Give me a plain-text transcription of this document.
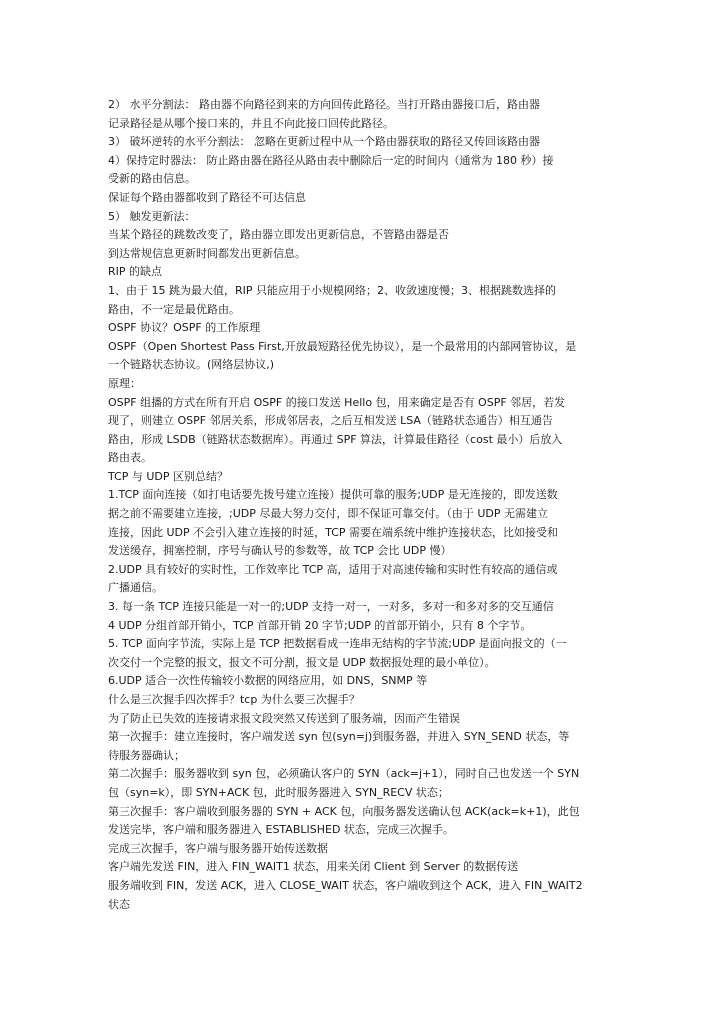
2） 水平分割法： 路由器不向路径到来的方向回传此路径。当打开路由器接口后，路由器
记录路径是从哪个接口来的，并且不向此接口回传此路径。
3） 破坏逆转的水平分割法： 忽略在更新过程中从一个路由器获取的路径又传回该路由器
4）保持定时器法： 防止路由器在路径从路由表中删除后一定的时间内（通常为 180 秒）接
受新的路由信息。
保证每个路由器都收到了路径不可达信息
5） 触发更新法：
当某个路径的跳数改变了，路由器立即发出更新信息，不管路由器是否
到达常规信息更新时间都发出更新信息。
RIP 的缺点
1、由于 15 跳为最大值，RIP 只能应用于小规模网络；2、收敛速度慢；3、根据跳数选择的
路由，不一定是最优路由。
OSPF 协议？OSPF 的工作原理
OSPF（Open Shortest Pass First,开放最短路径优先协议），是一个最常用的内部网管协议，是
一个链路状态协议。(网络层协议,)
原理：
OSPF 组播的方式在所有开启 OSPF 的接口发送 Hello 包，用来确定是否有 OSPF 邻居，若发
现了，则建立 OSPF 邻居关系，形成邻居表，之后互相发送 LSA（链路状态通告）相互通告
路由，形成 LSDB（链路状态数据库）。再通过 SPF 算法，计算最佳路径（cost 最小）后放入
路由表。
TCP 与 UDP 区别总结？
1.TCP 面向连接（如打电话要先拨号建立连接）提供可靠的服务;UDP 是无连接的，即发送数
据之前不需要建立连接，;UDP 尽最大努力交付，即不保证可靠交付。（由于 UDP 无需建立
连接，因此 UDP 不会引入建立连接的时延，TCP 需要在端系统中维护连接状态，比如接受和
发送缓存，拥塞控制，序号与确认号的参数等，故 TCP 会比 UDP 慢）
2.UDP 具有较好的实时性，工作效率比 TCP 高，适用于对高速传输和实时性有较高的通信或
广播通信。
3. 每一条 TCP 连接只能是一对一的;UDP 支持一对一，一对多，多对一和多对多的交互通信
4 UDP 分组首部开销小，TCP 首部开销 20 字节;UDP 的首部开销小，只有 8 个字节。
5. TCP 面向字节流，实际上是 TCP 把数据看成一连串无结构的字节流;UDP 是面向报文的（一
次交付一个完整的报文，报文不可分割，报文是 UDP 数据报处理的最小单位）。
6.UDP 适合一次性传输较小数据的网络应用，如 DNS，SNMP 等
什么是三次握手四次挥手？tcp 为什么要三次握手？
为了防止已失效的连接请求报文段突然又传送到了服务端，因而产生错误
第一次握手：建立连接时，客户端发送 syn 包(syn=j)到服务器，并进入 SYN_SEND 状态，等
待服务器确认；
第二次握手：服务器收到 syn 包，必须确认客户的 SYN（ack=j+1），同时自己也发送一个 SYN
包（syn=k），即 SYN+ACK 包，此时服务器进入 SYN_RECV 状态；
第三次握手：客户端收到服务器的 SYN + ACK 包，向服务器发送确认包 ACK(ack=k+1)，此包
发送完毕，客户端和服务器进入 ESTABLISHED 状态，完成三次握手。
完成三次握手，客户端与服务器开始传送数据
客户端先发送 FIN，进入 FIN_WAIT1 状态，用来关闭 Client 到 Server 的数据传送
服务端收到 FIN，发送 ACK，进入 CLOSE_WAIT 状态，客户端收到这个 ACK，进入 FIN_WAIT2
状态
